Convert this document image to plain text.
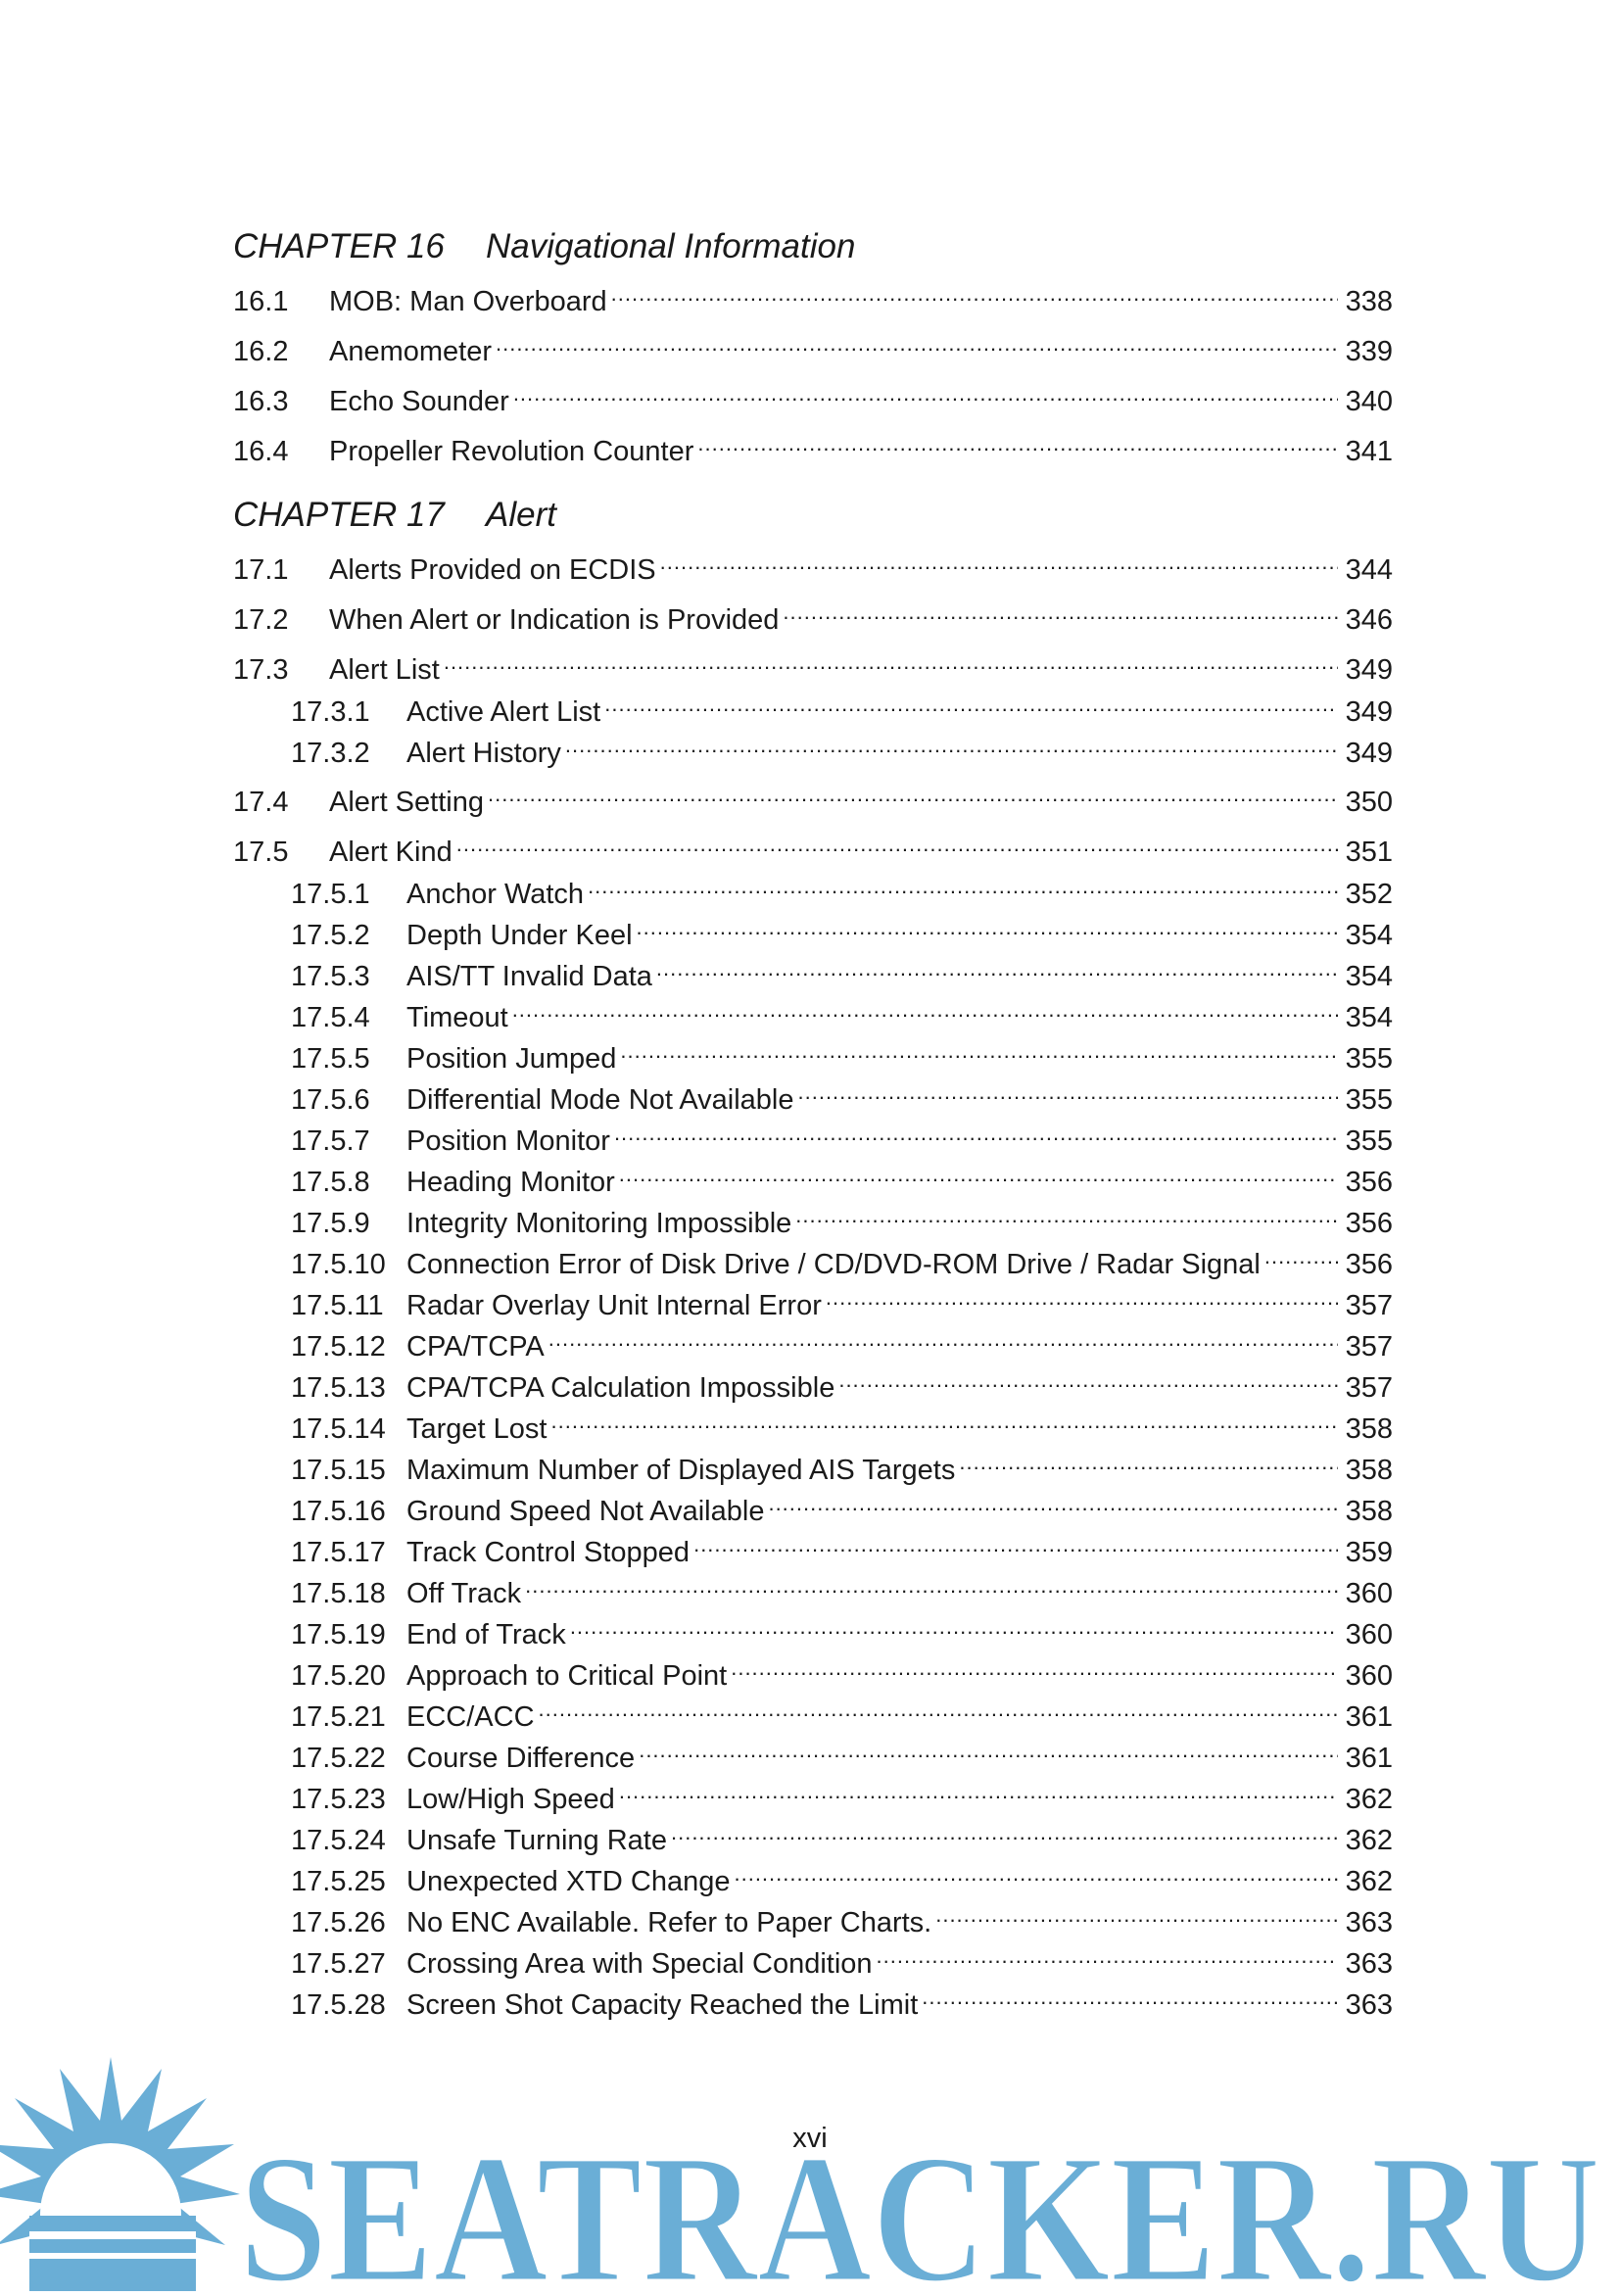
CHAPTER 16 Navigational Information
16.1	MOB: Man Overboard .....	338
16.2	Anemometer .....	339
16.3	Echo Sounder .....	340
16.4	Propeller Revolution Counter .....	341
CHAPTER 17 Alert
17.1	Alerts Provided on ECDIS .....	344
17.2	When Alert or Indication is Provided .....	346
17.3	Alert List .....	349
17.3.1	Active Alert List .....	349
17.3.2	Alert History .....	349
17.4	Alert Setting .....	350
17.5	Alert Kind .....	351
17.5.1	Anchor Watch .....	352
17.5.2	Depth Under Keel .....	354
17.5.3	AIS/TT Invalid Data .....	354
17.5.4	Timeout .....	354
17.5.5	Position Jumped .....	355
17.5.6	Differential Mode Not Available .....	355
17.5.7	Position Monitor .....	355
17.5.8	Heading Monitor .....	356
17.5.9	Integrity Monitoring Impossible .....	356
17.5.10 Connection Error of Disk Drive / CD/DVD-ROM Drive / Radar Signal .....	356
17.5.11 Radar Overlay Unit Internal Error .....	357
17.5.12 CPA/TCPA .....	357
17.5.13 CPA/TCPA Calculation Impossible .....	357
17.5.14 Target Lost .....	358
17.5.15 Maximum Number of Displayed AIS Targets .....	358
17.5.16 Ground Speed Not Available .....	358
17.5.17 Track Control Stopped .....	359
17.5.18 Off Track .....	360
17.5.19 End of Track .....	360
17.5.20 Approach to Critical Point .....	360
17.5.21 ECC/ACC .....	361
17.5.22 Course Difference .....	361
17.5.23 Low/High Speed .....	362
17.5.24 Unsafe Turning Rate .....	362
17.5.25 Unexpected XTD Change .....	362
17.5.26 No ENC Available. Refer to Paper Charts. .....	363
17.5.27 Crossing Area with Special Condition .....	363
17.5.28 Screen Shot Capacity Reached the Limit .....	363
SEATRACKER.RU
xvi
